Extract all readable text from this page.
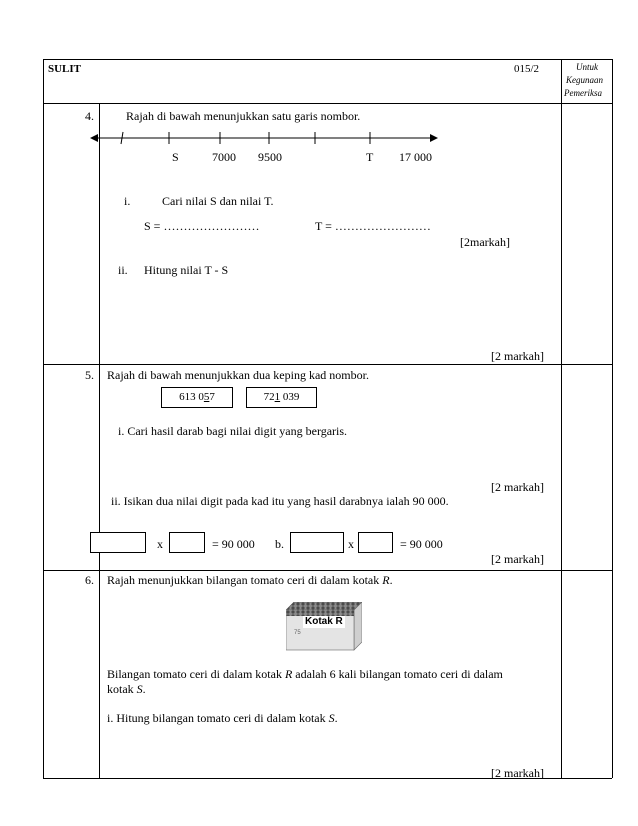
SULIT	015/2	Untuk
Kegunaan
Pemeriksa
4.	Rajah di bawah menunjukkan satu garis nombor.
S	7000 9500	T 17 000
i.	Cari nilai S dan nilai T.
S = ……………………	T = ……………………
[2markah]
ii. Hitung nilai T - S
[2 markah]
5. Rajah di bawah menunjukkan dua keping kad nombor.
613 057	721 039
i. Cari hasil darab bagi nilai digit yang bergaris.
[2 markah]
ii. Isikan dua nilai digit pada kad itu yang hasil darabnya ialah 90 000.
x	= 90 000 b.	x	= 90 000
[2 markah]
6. Rajah menunjukkan bilangan tomato ceri di dalam kotak R.
Kotak R
75
Bilangan tomato ceri di dalam kotak R adalah 6 kali bilangan tomato ceri di dalam
kotak S.
i. Hitung bilangan tomato ceri di dalam kotak S.
[2 markah]
